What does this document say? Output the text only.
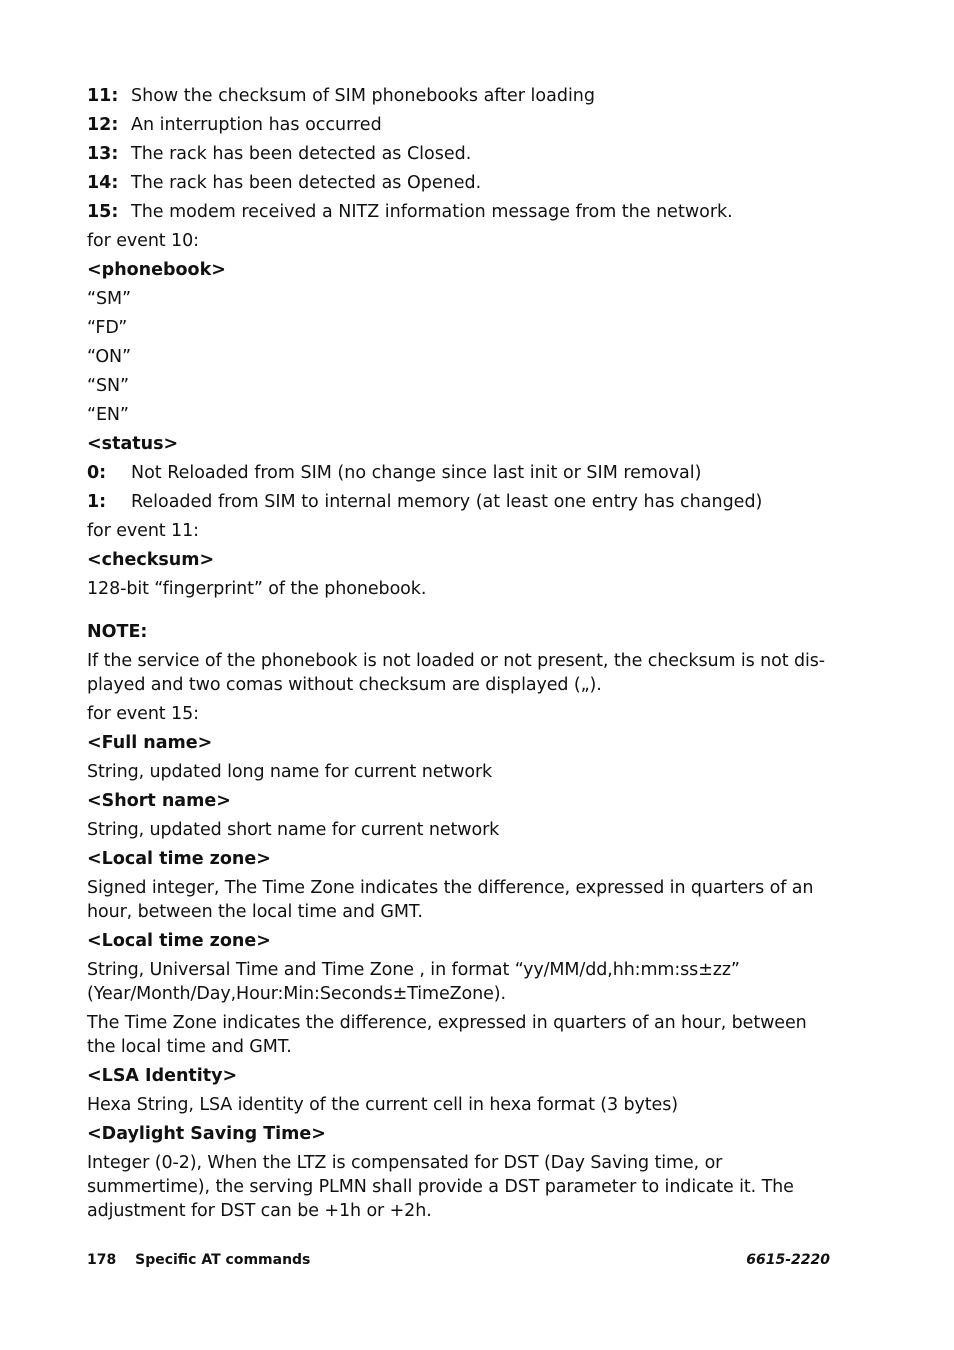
11: Show the checksum of SIM phonebooks after loading
12: An interruption has occurred
13: The rack has been detected as Closed.
14: The rack has been detected as Opened.
15: The modem received a NITZ information message from the network.

for event 10:

<phonebook>

“SM”

“FD”

“ON”

“SN”

“EN”

<status>

0:	Not Reloaded from SIM (no change since last init or SIM removal)
1:	Reloaded from SIM to internal memory (at least one entry has changed)

for event 11:

<checksum>

128-bit “fingerprint” of the phonebook.

NOTE:

If the service of the phonebook is not loaded or not present, the checksum is not dis-played and two comas without checksum are displayed („).

for event 15:

<Full name>

String, updated long name for current network

<Short name>

String, updated short name for current network

<Local time zone>

Signed integer, The Time Zone indicates the difference, expressed in quarters of an hour, between the local time and GMT.

<Local time zone>

String, Universal Time and Time Zone , in format “yy/MM/dd,hh:mm:ss±zz” (Year/Month/Day,Hour:Min:Seconds±TimeZone).

The Time Zone indicates the difference, expressed in quarters of an hour, between the local time and GMT.

<LSA Identity>

Hexa String, LSA identity of the current cell in hexa format (3 bytes)

<Daylight Saving Time>

Integer (0-2), When the LTZ is compensated for DST (Day Saving time, or summertime), the serving PLMN shall provide a DST parameter to indicate it. The adjustment for DST can be +1h or +2h.

178 Specific AT commands	6615-2220
